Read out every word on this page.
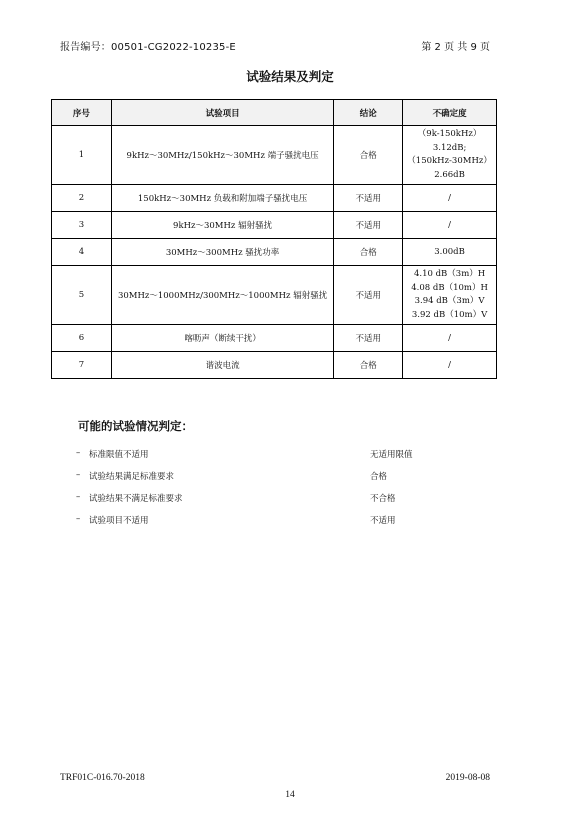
报告编号：00501-CG2022-10235-E	第 2 页 共 9 页
试验结果及判定
序号	试验项目	结论	不确定度
1	9kHz～30MHz/150kHz～30MHz 端子骚扰电压	合格	（9k-150kHz）
3.12dB;
（150kHz-30MHz）
2.66dB

2	150kHz～30MHz 负载和附加端子骚扰电压	不适用	/
3	9kHz～30MHz 辐射骚扰	不适用	/
4	30MHz～300MHz 骚扰功率	合格	3.00dB
5	30MHz～1000MHz/300MHz～1000MHz 辐射骚扰	不适用	4.10 dB（3m）H
4.08 dB（10m）H
3.94 dB（3m）V
3.92 dB（10m）V

6	喀呖声（断续干扰）	不适用	/
7	谐波电流	合格	/
可能的试验情况判定：
– 标准限值不适用	无适用限值
– 试验结果满足标准要求	合格
– 试验结果不满足标准要求	不合格
– 试验项目不适用	不适用
TRF01C-016.70-2018	2019-08-08
14
